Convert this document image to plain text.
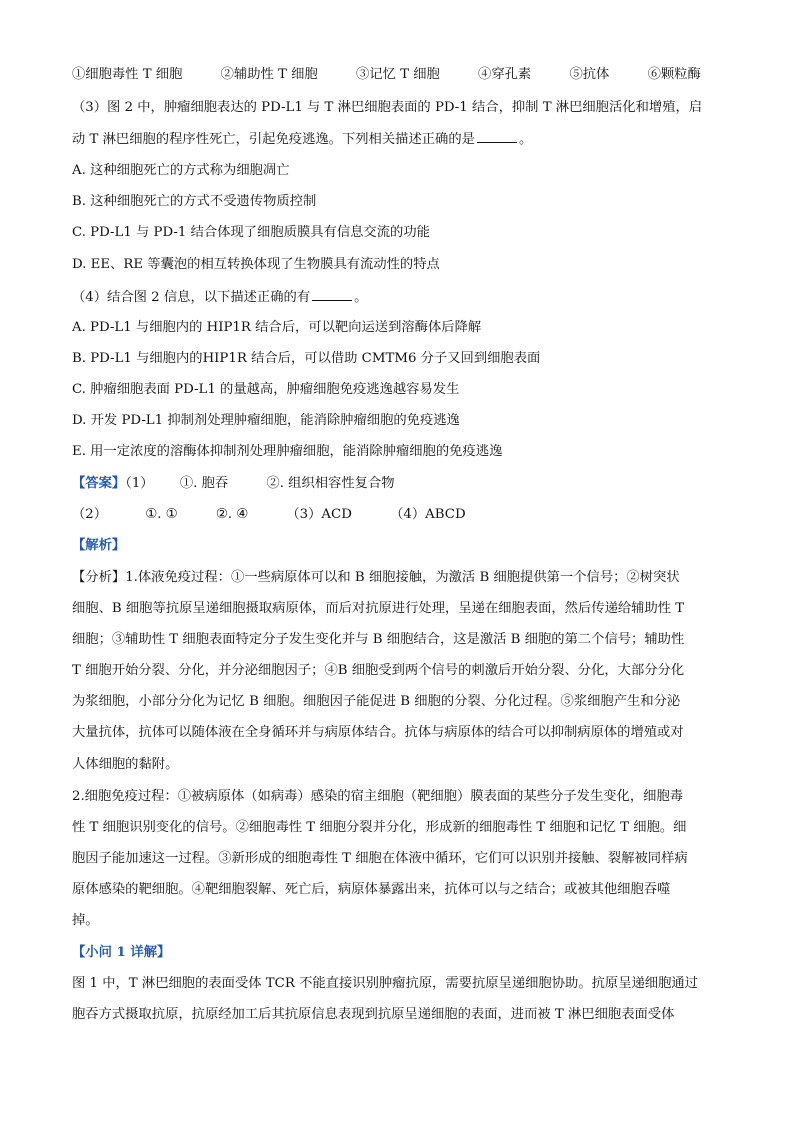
①细胞毒性 T 细胞	②辅助性 T 细胞	③记忆 T 细胞	④穿孔素	⑤抗体	⑥颗粒酶
（3）图 2 中，肿瘤细胞表达的 PD-L1 与 T 淋巴细胞表面的 PD-1 结合，抑制 T 淋巴细胞活化和增殖，启
动 T 淋巴细胞的程序性死亡，引起免疫逃逸。下列相关描述正确的是	。
A. 这种细胞死亡的方式称为细胞凋亡
B. 这种细胞死亡的方式不受遗传物质控制
C. PD-L1 与 PD-1 结合体现了细胞质膜具有信息交流的功能
D. EE、RE 等囊泡的相互转换体现了生物膜具有流动性的特点
（4）结合图 2 信息，以下描述正确的有	。
A. PD-L1 与细胞内的 HIP1R 结合后，可以靶向运送到溶酶体后降解
B. PD-L1 与细胞内的HIP1R 结合后，可以借助 CMTM6 分子又回到细胞表面
C. 肿瘤细胞表面 PD-L1 的量越高，肿瘤细胞免疫逃逸越容易发生
D. 开发 PD-L1 抑制剂处理肿瘤细胞，能消除肿瘤细胞的免疫逃逸
E. 用一定浓度的溶酶体抑制剂处理肿瘤细胞，能消除肿瘤细胞的免疫逃逸
【答案】（1） ①. 胞吞	②. 组织相容性复合物
（2）	①. ①	②. ④	（3）ACD	（4）ABCD
【解析】
【分析】1.体液免疫过程：①一些病原体可以和 B 细胞接触，为激活 B 细胞提供第一个信号；②树突状
细胞、B 细胞等抗原呈递细胞摄取病原体，而后对抗原进行处理，呈递在细胞表面，然后传递给辅助性 T
细胞；③辅助性 T 细胞表面特定分子发生变化并与 B 细胞结合，这是激活 B 细胞的第二个信号；辅助性
T 细胞开始分裂、分化，并分泌细胞因子；④B 细胞受到两个信号的刺激后开始分裂、分化，大部分分化
为浆细胞，小部分分化为记忆 B 细胞。细胞因子能促进 B 细胞的分裂、分化过程。⑤浆细胞产生和分泌
大量抗体，抗体可以随体液在全身循环并与病原体结合。抗体与病原体的结合可以抑制病原体的增殖或对
人体细胞的黏附。
2.细胞免疫过程：①被病原体（如病毒）感染的宿主细胞（靶细胞）膜表面的某些分子发生变化，细胞毒
性 T 细胞识别变化的信号。②细胞毒性 T 细胞分裂并分化，形成新的细胞毒性 T 细胞和记忆 T 细胞。细
胞因子能加速这一过程。③新形成的细胞毒性 T 细胞在体液中循环，它们可以识别并接触、裂解被同样病
原体感染的靶细胞。④靶细胞裂解、死亡后，病原体暴露出来，抗体可以与之结合；或被其他细胞吞噬
掉。
【小问 1 详解】
图 1 中，T 淋巴细胞的表面受体 TCR 不能直接识别肿瘤抗原，需要抗原呈递细胞协助。抗原呈递细胞通过
胞吞方式摄取抗原，抗原经加工后其抗原信息表现到抗原呈递细胞的表面，进而被 T 淋巴细胞表面受体
